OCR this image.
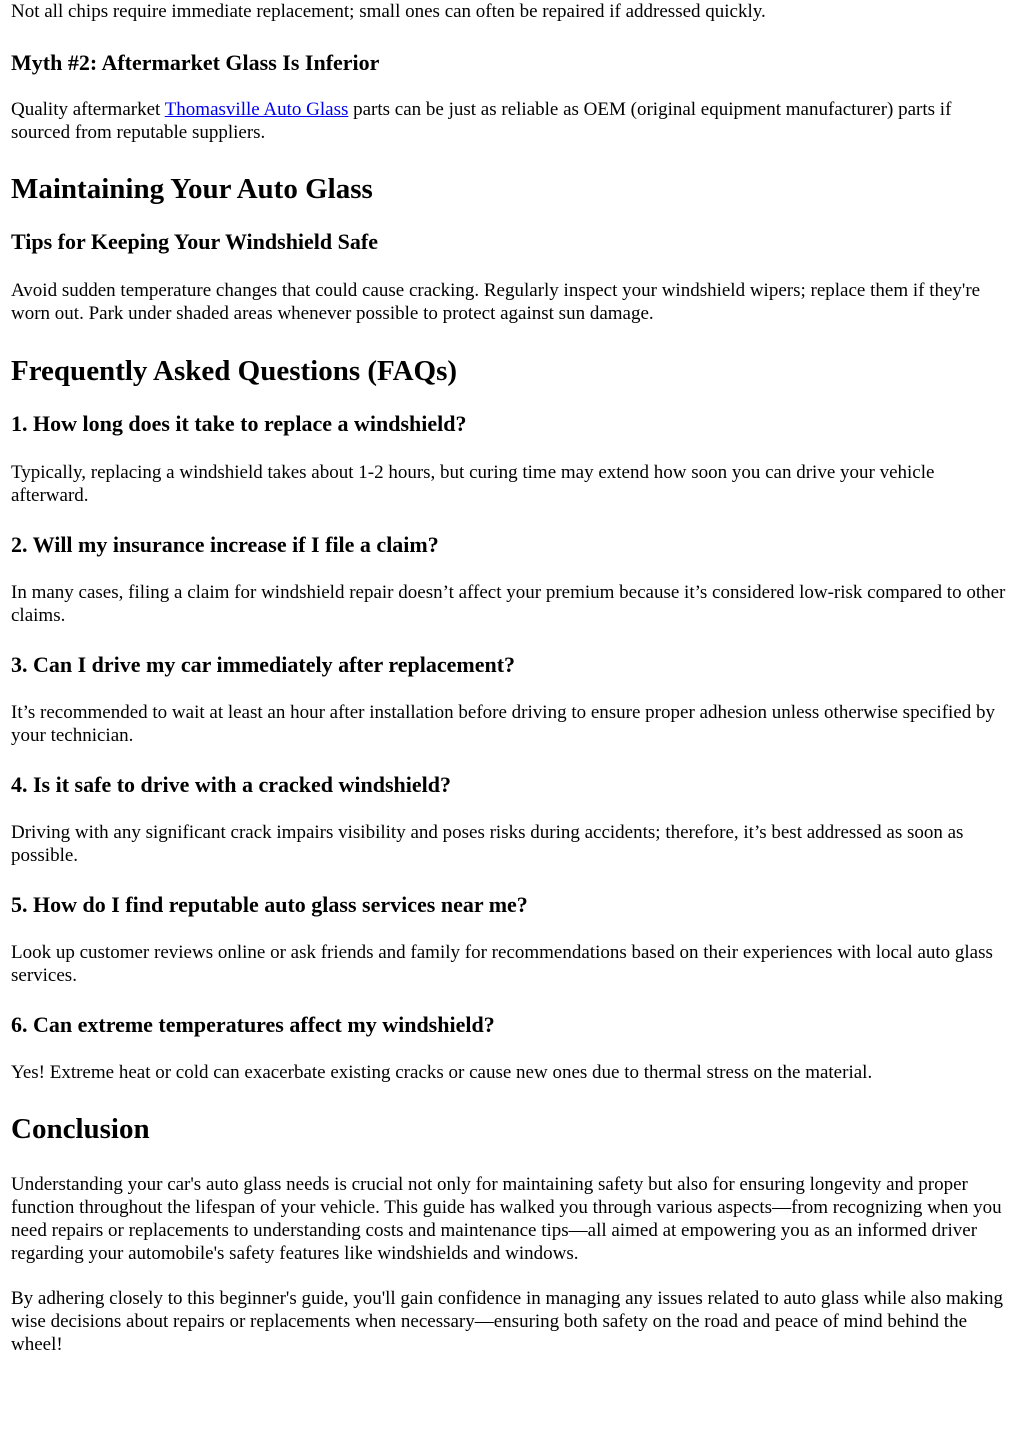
Not all chips require immediate replacement; small ones can often be repaired if addressed quickly.

Myth #2: Aftermarket Glass Is Inferior

Quality aftermarket Thomasville Auto Glass parts can be just as reliable as OEM (original equipment manufacturer) parts if sourced from reputable suppliers.

Maintaining Your Auto Glass
Tips for Keeping Your Windshield Safe

Avoid sudden temperature changes that could cause cracking. Regularly inspect your windshield wipers; replace them if they're worn out. Park under shaded areas whenever possible to protect against sun damage.

Frequently Asked Questions (FAQs)
1. How long does it take to replace a windshield?

Typically, replacing a windshield takes about 1-2 hours, but curing time may extend how soon you can drive your vehicle afterward.

2. Will my insurance increase if I file a claim?

In many cases, filing a claim for windshield repair doesn’t affect your premium because it’s considered low-risk compared to other claims.

3. Can I drive my car immediately after replacement?

It’s recommended to wait at least an hour after installation before driving to ensure proper adhesion unless otherwise specified by your technician.

4. Is it safe to drive with a cracked windshield?

Driving with any significant crack impairs visibility and poses risks during accidents; therefore, it’s best addressed as soon as possible.

5. How do I find reputable auto glass services near me?

Look up customer reviews online or ask friends and family for recommendations based on their experiences with local auto glass services.

6. Can extreme temperatures affect my windshield?

Yes! Extreme heat or cold can exacerbate existing cracks or cause new ones due to thermal stress on the material.

Conclusion

Understanding your car's auto glass needs is crucial not only for maintaining safety but also for ensuring longevity and proper function throughout the lifespan of your vehicle. This guide has walked you through various aspects—from recognizing when you need repairs or replacements to understanding costs and maintenance tips—all aimed at empowering you as an informed driver regarding your automobile's safety features like windshields and windows.

By adhering closely to this beginner's guide, you'll gain confidence in managing any issues related to auto glass while also making wise decisions about repairs or replacements when necessary—ensuring both safety on the road and peace of mind behind the wheel!
